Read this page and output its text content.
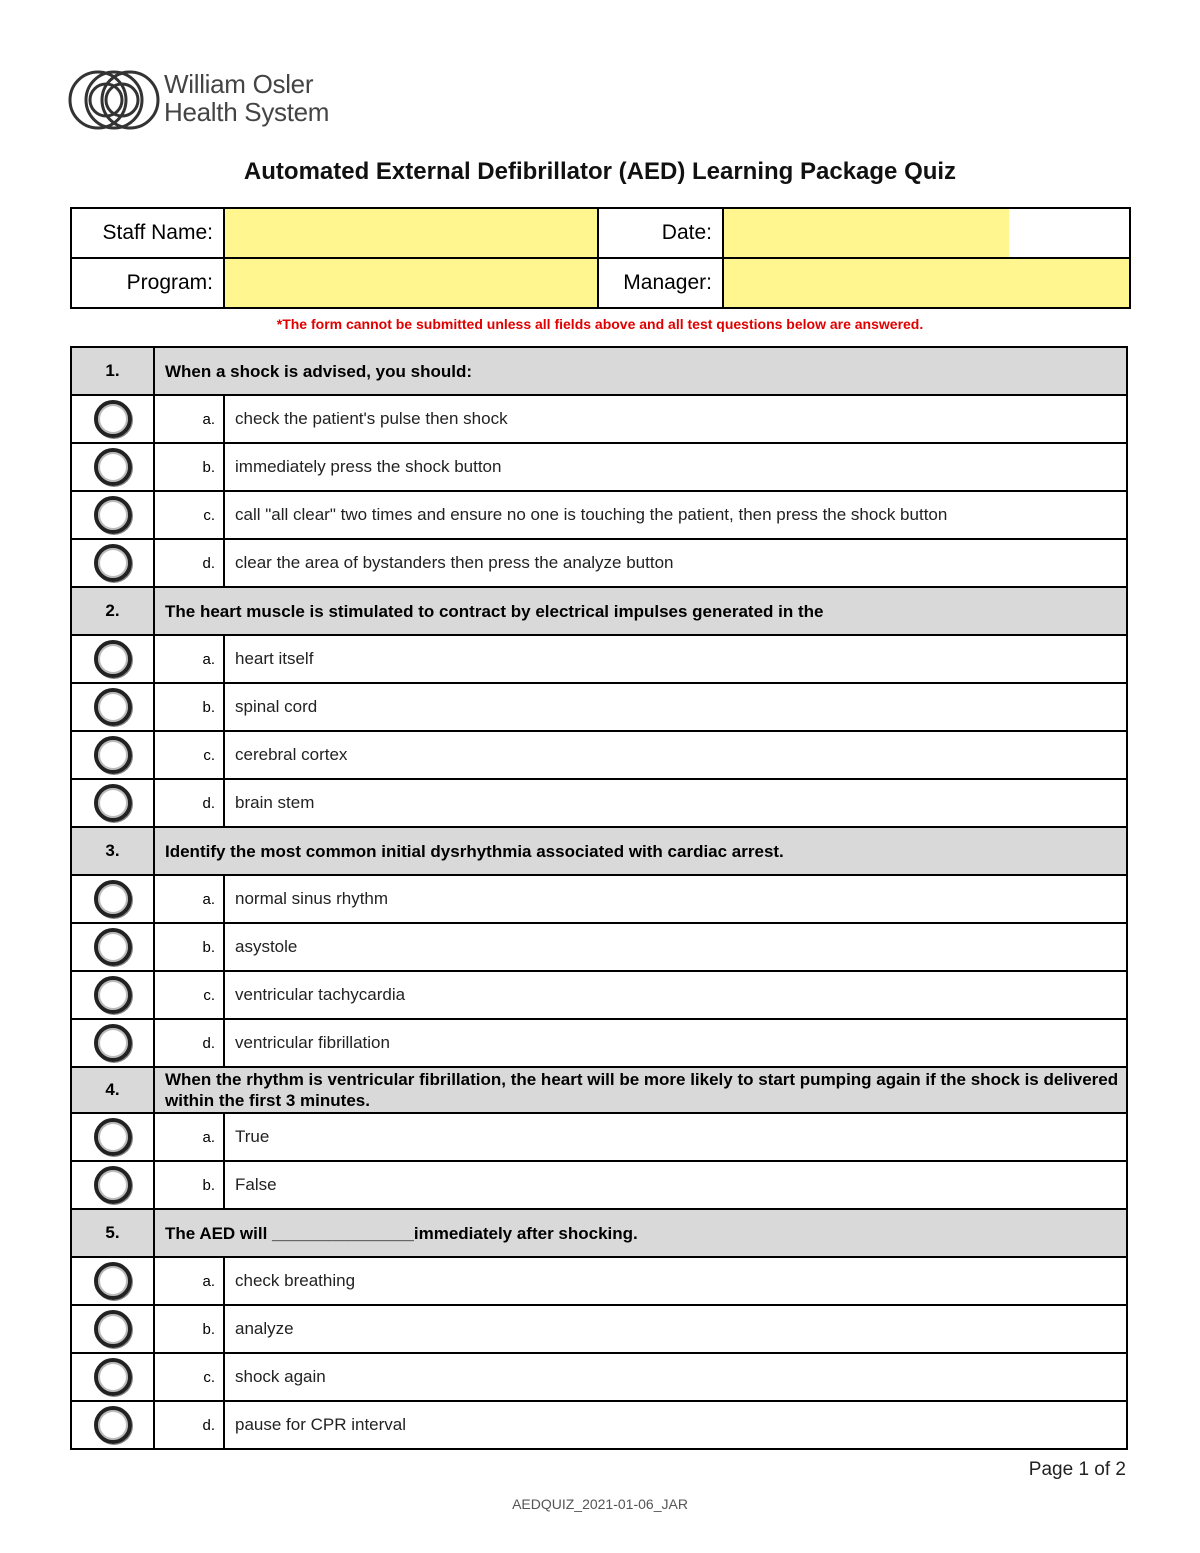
William Osler
Health System
Automated External Defibrillator (AED) Learning Package Quiz
Staff Name:		Date:	

Program:		Manager:	
*The form cannot be submitted unless all fields above and all test questions below are answered.
1.	When a shock is advised, you should:	
	a.	check the patient's pulse then shock
	b.	immediately press the shock button
	c.	call "all clear" two times and ensure no one is touching the patient, then press the shock button
	d.	clear the area of bystanders then press the analyze button
2.	The heart muscle is stimulated to contract by electrical impulses generated in the	
	a.	heart itself
	b.	spinal cord
	c.	cerebral cortex
	d.	brain stem
3.	Identify the most common initial dysrhythmia associated with cardiac arrest.	
	a.	normal sinus rhythm
	b.	asystole
	c.	ventricular tachycardia
	d.	ventricular fibrillation
4.	When the rhythm is ventricular fibrillation, the heart will be more likely to start pumping again if the shock is delivered within the first 3 minutes.	
	a.	True
	b.	False
5.	The AED will _______________immediately after shocking.	
	a.	check breathing
	b.	analyze
	c.	shock again
	d.	pause for CPR interval
Page 1 of 2
AEDQUIZ_2021-01-06_JAR
